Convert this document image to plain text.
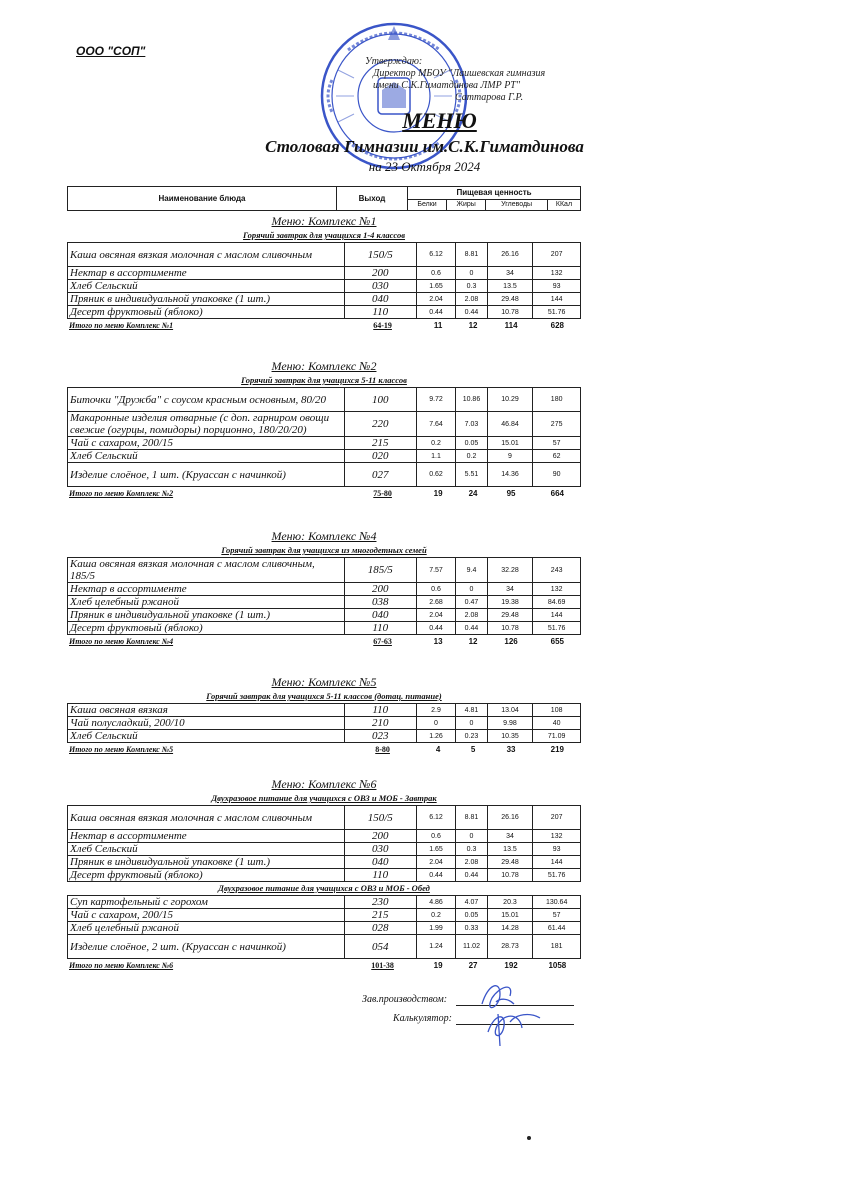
ООО "СОП"
Утверждаю:
Директор МБОУ "Лаишевская гимназия
имени С.К.Гиматдинова ЛМР РТ"
Саттарова Г.Р.
МЕНЮ
Столовая Гимназии им.С.К.Гиматдинова
на 23 Октября 2024
Наименование блюда	Выход	Пищевая ценность			
		Белки	Жиры	Углеводы	ККал
Меню: Комплекс №1
Горячий завтрак для учащихся 1-4 классов
Каша овсяная вязкая молочная с маслом сливочным	150/5	6.12	8.81	26.16	207
Нектар в ассортименте	200	0.6	0	34	132
Хлеб Сельский	030	1.65	0.3	13.5	93
Пряник в индивидуальной упаковке (1 шт.)	040	2.04	2.08	29.48	144
Десерт фруктовый (яблоко)	110	0.44	0.44	10.78	51.76
Итого по меню Комплекс №1	64-19	11	12	114	628
Меню: Комплекс №2
Горячий завтрак для учащихся 5-11 классов
Биточки "Дружба" с соусом красным основным, 80/20	100	9.72	10.86	10.29	180
Макаронные изделия отварные (с доп. гарниром овощи свежие (огурцы, помидоры) порционно, 180/20/20)	220	7.64	7.03	46.84	275
Чай с сахаром, 200/15	215	0.2	0.05	15.01	57
Хлеб Сельский	020	1.1	0.2	9	62
Изделие слоёное, 1 шт. (Круассан с начинкой)	027	0.62	5.51	14.36	90
Итого по меню Комплекс №2	75-80	19	24	95	664
Меню: Комплекс №4
Горячий завтрак для учащихся из многодетных семей
Каша овсяная вязкая молочная с маслом сливочным, 185/5	185/5	7.57	9.4	32.28	243
Нектар в ассортименте	200	0.6	0	34	132
Хлеб целебный ржаной	038	2.68	0.47	19.38	84.69
Пряник в индивидуальной упаковке (1 шт.)	040	2.04	2.08	29.48	144
Десерт фруктовый (яблоко)	110	0.44	0.44	10.78	51.76
Итого по меню Комплекс №4	67-63	13	12	126	655
Меню: Комплекс №5
Горячий завтрак для учащихся 5-11 классов (дотац. питание)
Каша овсяная вязкая	110	2.9	4.81	13.04	108
Чай полусладкий, 200/10	210	0	0	9.98	40
Хлеб Сельский	023	1.26	0.23	10.35	71.09
Итого по меню Комплекс №5	8-80	4	5	33	219
Меню: Комплекс №6
Двухразовое питание для учащихся с ОВЗ и МОБ - Завтрак
Каша овсяная вязкая молочная с маслом сливочным	150/5	6.12	8.81	26.16	207
Нектар в ассортименте	200	0.6	0	34	132
Хлеб Сельский	030	1.65	0.3	13.5	93
Пряник в индивидуальной упаковке (1 шт.)	040	2.04	2.08	29.48	144
Десерт фруктовый (яблоко)	110	0.44	0.44	10.78	51.76
Двухразовое питание для учащихся с ОВЗ и МОБ - Обед
Суп картофельный с горохом	230	4.86	4.07	20.3	130.64
Чай с сахаром, 200/15	215	0.2	0.05	15.01	57
Хлеб целебный ржаной	028	1.99	0.33	14.28	61.44
Изделие слоёное, 2 шт. (Круассан с начинкой)	054	1.24	11.02	28.73	181
Итого по меню Комплекс №6	101-38	19	27	192	1058
Зав.производством:
Калькулятор:
